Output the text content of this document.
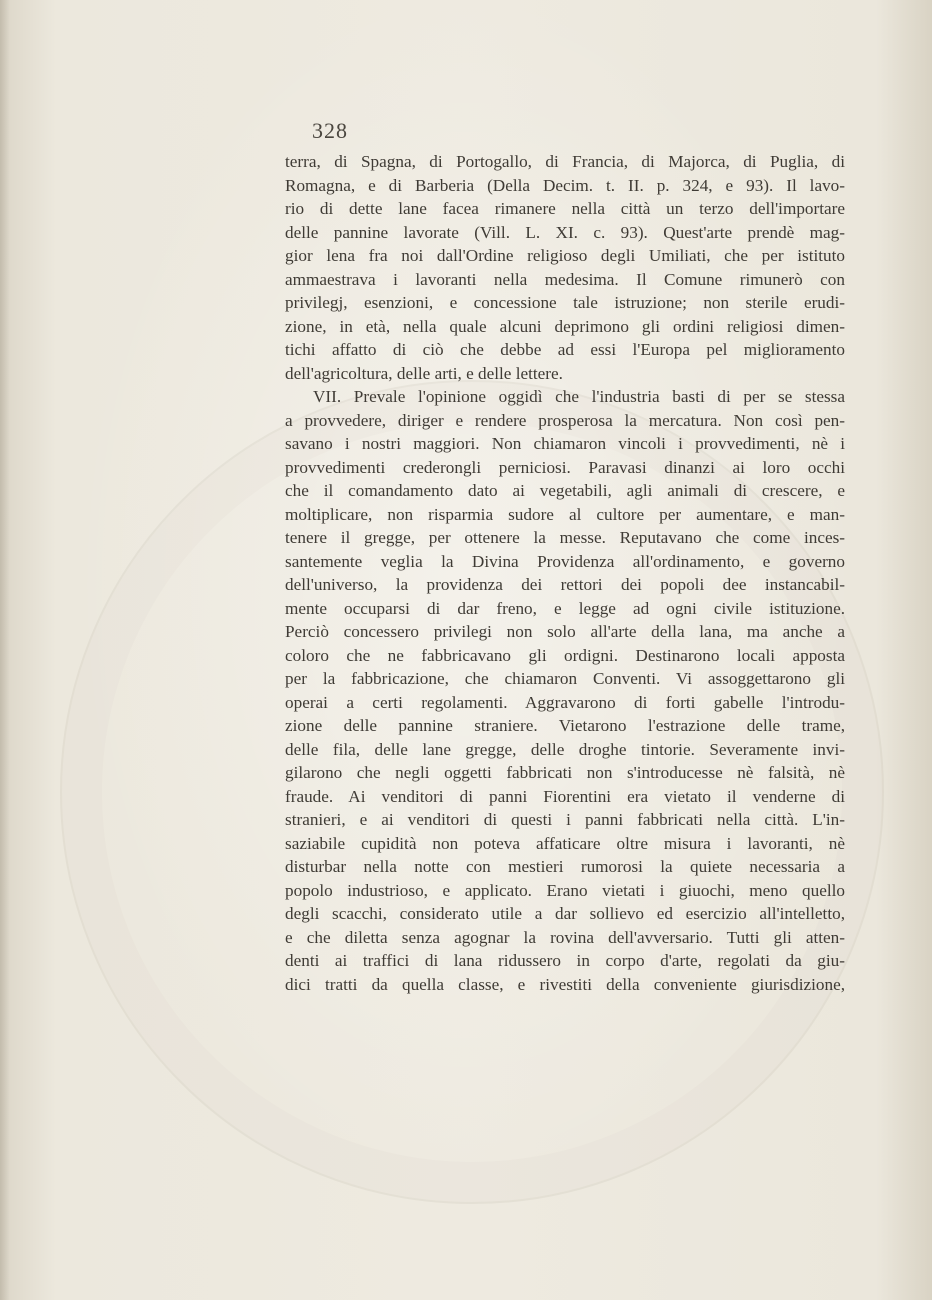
328
terra, di Spagna, di Portogallo, di Francia, di Majorca, di Puglia, di
Romagna, e di Barberia (Della Decim. t. II. p. 324, e 93). Il lavo-
rio di dette lane facea rimanere nella città un terzo dell'importare
delle pannine lavorate (Vill. L. XI. c. 93). Quest'arte prendè mag-
gior lena fra noi dall'Ordine religioso degli Umiliati, che per istituto
ammaestrava i lavoranti nella medesima. Il Comune rimunerò con
privilegj, esenzioni, e concessione tale istruzione; non sterile erudi-
zione, in età, nella quale alcuni deprimono gli ordini religiosi dimen-
tichi affatto di ciò che debbe ad essi l'Europa pel miglioramento
dell'agricoltura, delle arti, e delle lettere.
VII. Prevale l'opinione oggidì che l'industria basti di per se stessa
a provvedere, diriger e rendere prosperosa la mercatura. Non così pen-
savano i nostri maggiori. Non chiamaron vincoli i provvedimenti, nè i
provvedimenti crederongli perniciosi. Paravasi dinanzi ai loro occhi
che il comandamento dato ai vegetabili, agli animali di crescere, e
moltiplicare, non risparmia sudore al cultore per aumentare, e man-
tenere il gregge, per ottenere la messe. Reputavano che come inces-
santemente veglia la Divina Providenza all'ordinamento, e governo
dell'universo, la providenza dei rettori dei popoli dee instancabil-
mente occuparsi di dar freno, e legge ad ogni civile istituzione.
Perciò concessero privilegi non solo all'arte della lana, ma anche a
coloro che ne fabbricavano gli ordigni. Destinarono locali apposta
per la fabbricazione, che chiamaron Conventi. Vi assoggettarono gli
operai a certi regolamenti. Aggravarono di forti gabelle l'introdu-
zione delle pannine straniere. Vietarono l'estrazione delle trame,
delle fila, delle lane gregge, delle droghe tintorie. Severamente invi-
gilarono che negli oggetti fabbricati non s'introducesse nè falsità, nè
fraude. Ai venditori di panni Fiorentini era vietato il venderne di
stranieri, e ai venditori di questi i panni fabbricati nella città. L'in-
saziabile cupidità non poteva affaticare oltre misura i lavoranti, nè
disturbar nella notte con mestieri rumorosi la quiete necessaria a
popolo industrioso, e applicato. Erano vietati i giuochi, meno quello
degli scacchi, considerato utile a dar sollievo ed esercizio all'intelletto,
e che diletta senza agognar la rovina dell'avversario. Tutti gli atten-
denti ai traffici di lana ridussero in corpo d'arte, regolati da giu-
dici tratti da quella classe, e rivestiti della conveniente giurisdizione,
